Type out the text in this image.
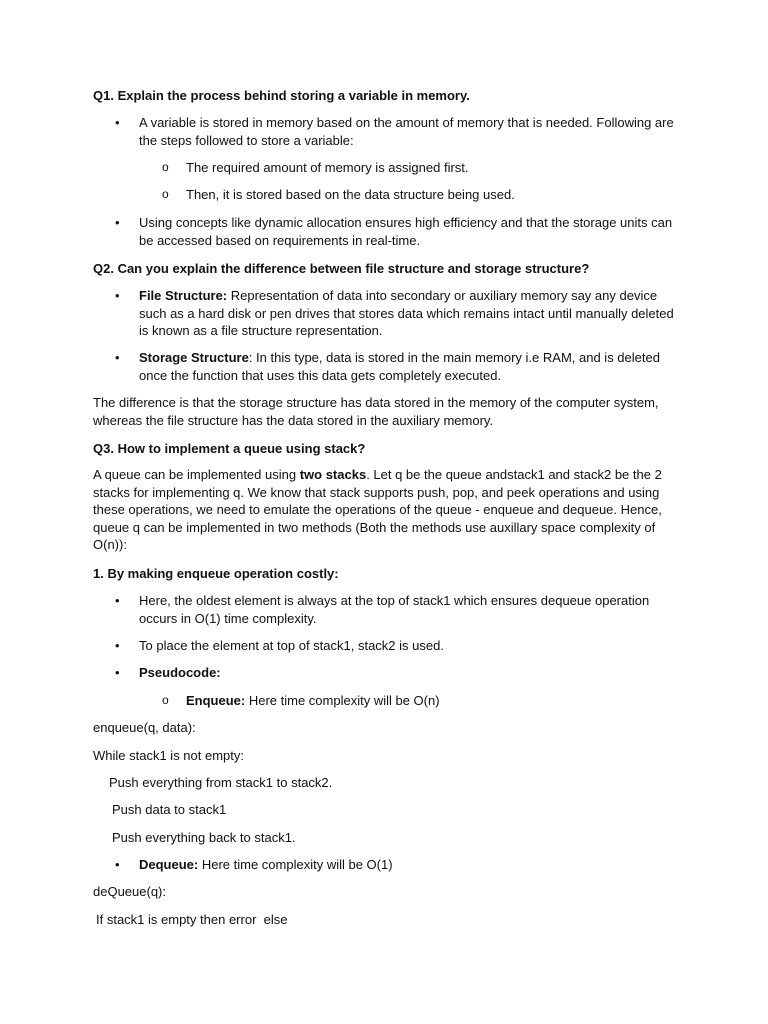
Q1. Explain the process behind storing a variable in memory.
• A variable is stored in memory based on the amount of memory that is needed. Following are the steps followed to store a variable:
o The required amount of memory is assigned first.
o Then, it is stored based on the data structure being used.
• Using concepts like dynamic allocation ensures high efficiency and that the storage units can be accessed based on requirements in real-time.
Q2. Can you explain the difference between file structure and storage structure?
• File Structure: Representation of data into secondary or auxiliary memory say any device such as a hard disk or pen drives that stores data which remains intact until manually deleted is known as a file structure representation.
• Storage Structure: In this type, data is stored in the main memory i.e RAM, and is deleted once the function that uses this data gets completely executed.
The difference is that the storage structure has data stored in the memory of the computer system, whereas the file structure has the data stored in the auxiliary memory.
Q3. How to implement a queue using stack?
A queue can be implemented using two stacks. Let q be the queue andstack1 and stack2 be the 2 stacks for implementing q. We know that stack supports push, pop, and peek operations and using these operations, we need to emulate the operations of the queue - enqueue and dequeue. Hence, queue q can be implemented in two methods (Both the methods use auxillary space complexity of O(n)):
1. By making enqueue operation costly:
• Here, the oldest element is always at the top of stack1 which ensures dequeue operation occurs in O(1) time complexity.
• To place the element at top of stack1, stack2 is used.
• Pseudocode:
o Enqueue: Here time complexity will be O(n)
enqueue(q, data):
While stack1 is not empty:
Push everything from stack1 to stack2.
Push data to stack1
Push everything back to stack1.
• Dequeue: Here time complexity will be O(1)
deQueue(q):
If stack1 is empty then error  else
